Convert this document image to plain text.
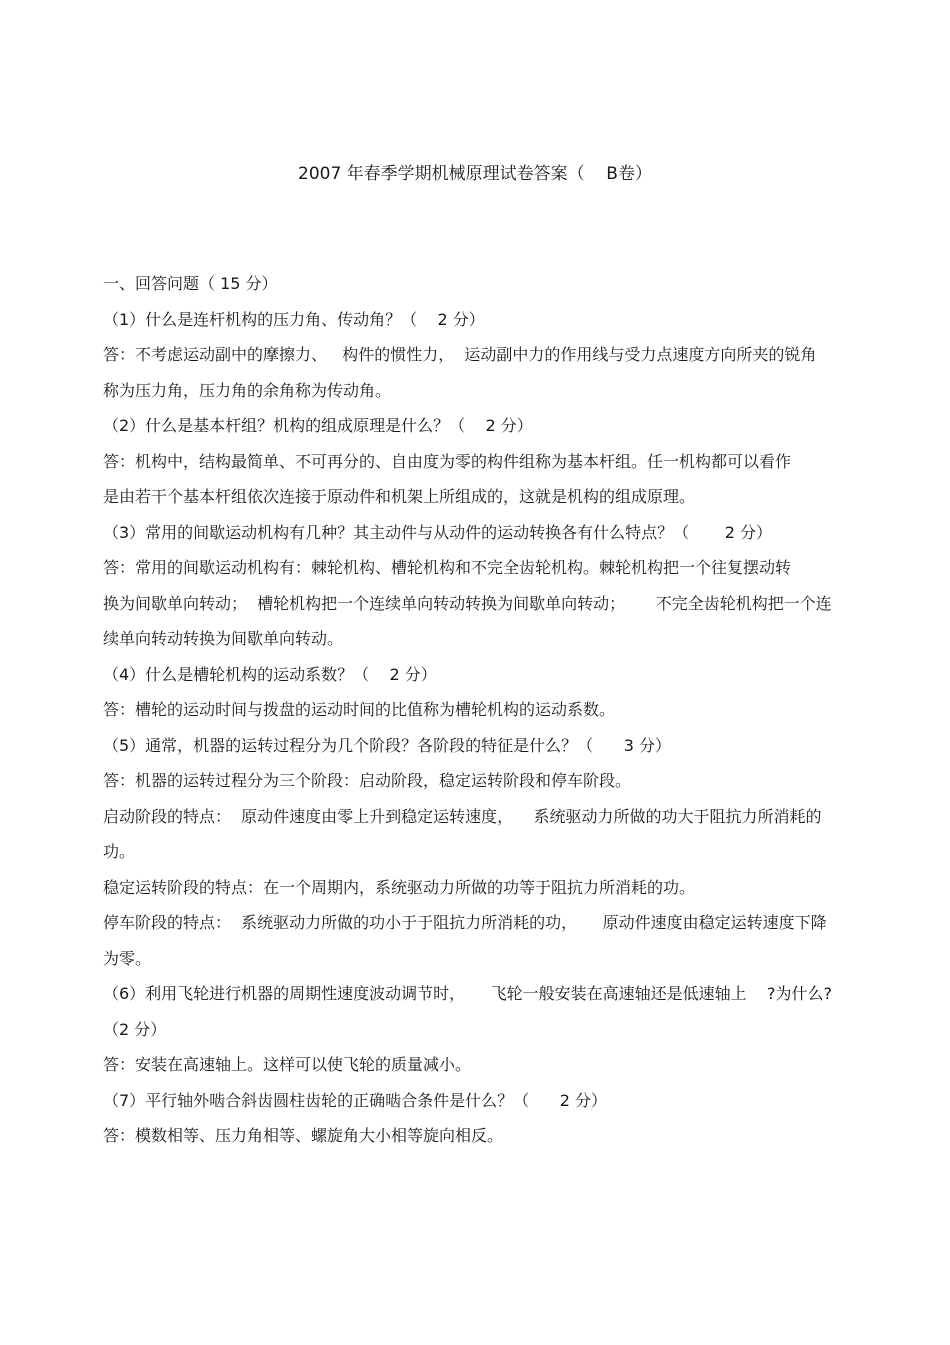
2007 年春季学期机械原理试卷答案（    B卷）
一、回答问题（ 15 分）
（1）什么是连杆机构的压力角、传动角？（    2 分）
答：不考虑运动副中的摩擦力、   构件的惯性力，  运动副中力的作用线与受力点速度方向所夹的锐角
称为压力角，压力角的余角称为传动角。
（2）什么是基本杆组？机构的组成原理是什么？（    2 分）
答：机构中，结构最简单、不可再分的、自由度为零的构件组称为基本杆组。任一机构都可以看作
是由若干个基本杆组依次连接于原动件和机架上所组成的，这就是机构的组成原理。
（3）常用的间歇运动机构有几种？其主动件与从动件的运动转换各有什么特点？（       2 分）
答：常用的间歇运动机构有：棘轮机构、槽轮机构和不完全齿轮机构。棘轮机构把一个往复摆动转
换为间歇单向转动；  槽轮机构把一个连续单向转动转换为间歇单向转动；      不完全齿轮机构把一个连
续单向转动转换为间歇单向转动。
（4）什么是槽轮机构的运动系数？（    2 分）
答：槽轮的运动时间与拨盘的运动时间的比值称为槽轮机构的运动系数。
（5）通常，机器的运转过程分为几个阶段？各阶段的特征是什么？（      3 分）
答：机器的运转过程分为三个阶段：启动阶段，稳定运转阶段和停车阶段。
启动阶段的特点：  原动件速度由零上升到稳定运转速度，    系统驱动力所做的功大于阻抗力所消耗的
功。
稳定运转阶段的特点：在一个周期内，系统驱动力所做的功等于阻抗力所消耗的功。
停车阶段的特点：  系统驱动力所做的功小于于阻抗力所消耗的功，     原动件速度由稳定运转速度下降
为零。
（6）利用飞轮进行机器的周期性速度波动调节时，     飞轮一般安装在高速轴还是低速轴上    ?为什么?
（2 分）
答：安装在高速轴上。这样可以使飞轮的质量减小。
（7）平行轴外啮合斜齿圆柱齿轮的正确啮合条件是什么？（      2 分）
答：模数相等、压力角相等、螺旋角大小相等旋向相反。
